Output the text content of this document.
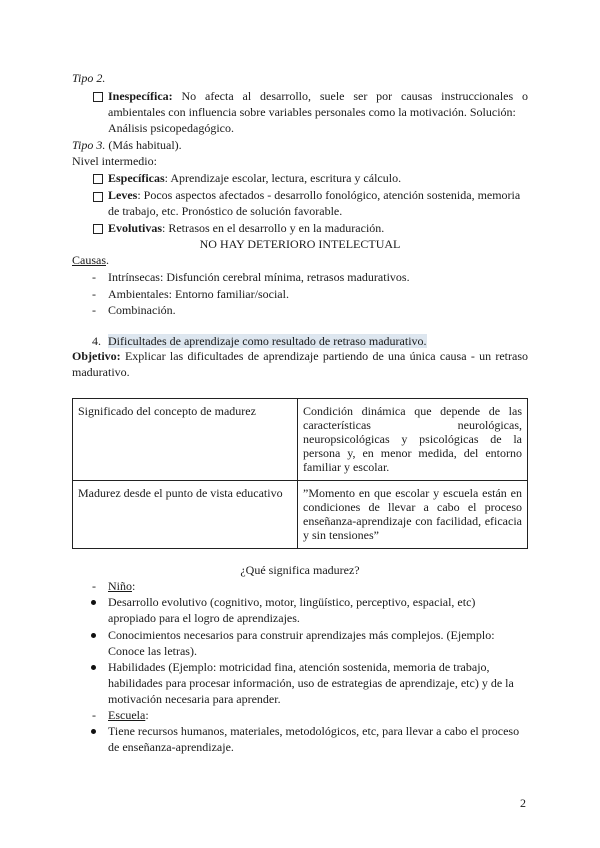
Tipo 2.
Inespecífica: No afecta al desarrollo, suele ser por causas instruccionales o
ambientales con influencia sobre variables personales como la motivación. Solución:
Análisis psicopedagógico.
Tipo 3. (Más habitual).
Nivel intermedio:
Específicas: Aprendizaje escolar, lectura, escritura y cálculo.
Leves: Pocos aspectos afectados - desarrollo fonológico, atención sostenida, memoria
de trabajo, etc. Pronóstico de solución favorable.
Evolutivas: Retrasos en el desarrollo y en la maduración.
NO HAY DETERIORO INTELECTUAL
Causas.
- Intrínsecas: Disfunción cerebral mínima, retrasos madurativos.
- Ambientales: Entorno familiar/social.
- Combinación.
4. Dificultades de aprendizaje como resultado de retraso madurativo.
Objetivo: Explicar las dificultades de aprendizaje partiendo de una única causa - un retraso
madurativo.
Significado del concepto de madurez	Condición dinámica que depende de las características neurológicas, neuropsicológicas y psicológicas de la persona y, en menor medida, del entorno familiar y escolar.
Madurez desde el punto de vista educativo	”Momento en que escolar y escuela están en condiciones de llevar a cabo el proceso enseñanza-aprendizaje con facilidad, eficacia y sin tensiones”
¿Qué significa madurez?
- Niño:
Desarrollo evolutivo (cognitivo, motor, lingüístico, perceptivo, espacial, etc)
apropiado para el logro de aprendizajes.
Conocimientos necesarios para construir aprendizajes más complejos. (Ejemplo:
Conoce las letras).
Habilidades (Ejemplo: motricidad fina, atención sostenida, memoria de trabajo,
habilidades para procesar información, uso de estrategias de aprendizaje, etc) y de la
motivación necesaria para aprender.
- Escuela:
Tiene recursos humanos, materiales, metodológicos, etc, para llevar a cabo el proceso
de enseñanza-aprendizaje.
2
